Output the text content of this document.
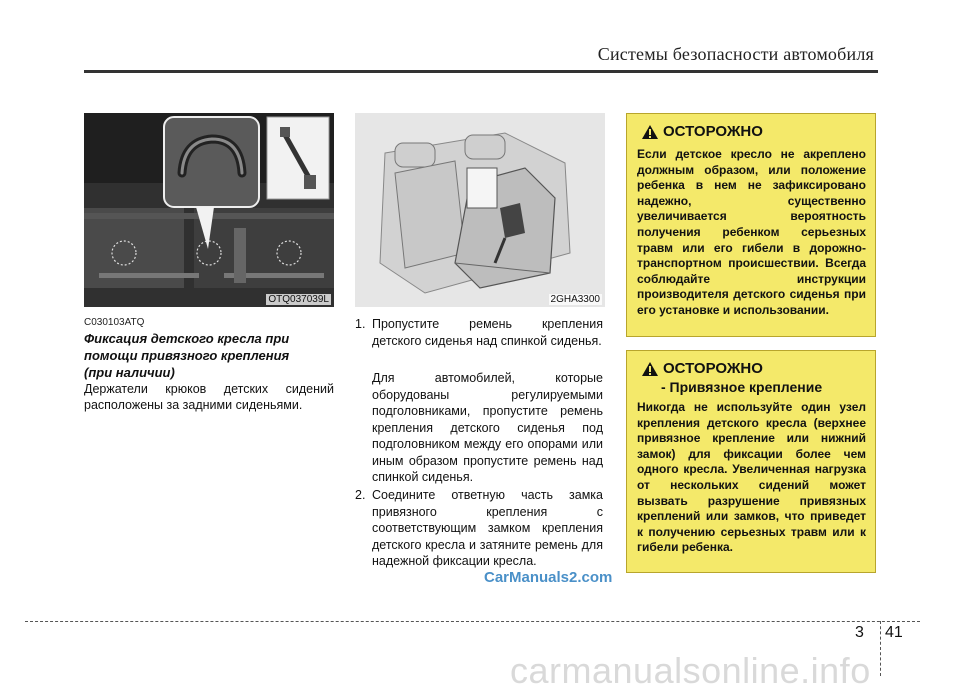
Системы безопасности автомобиля
OTQ037039L	2GHA3300
C030103ATQ
Фиксация детского кресла при
помощи привязного крепления
(при наличии)
Держатели крюков детских сидений
расположены за задними сиденьями.
1. Пропустите ремень крепления детского сиденья над спинкой сиденья.
Для автомобилей, которые оборудованы регулируемыми подголовниками, пропустите ремень крепления детского сиденья под подголовником между его опорами или иным образом пропустите ремень над спинкой сиденья.
2. Соедините ответную часть замка привязного крепления с соответствующим замком крепления детского кресла и затяните ремень для надежной фиксации кресла.
ОСТОРОЖНО
Если детское кресло не акреплено должным образом, или положение ребенка в нем не зафиксировано надежно, существенно увеличивается вероятность получения ребенком серьезных травм или его гибели в дорожно-транспортном происшествии. Всегда соблюдайте инструкции производителя детского сиденья при его установке и использовании.
ОСТОРОЖНО
- Привязное крепление
Никогда не используйте один узел крепления детского кресла (верхнее привязное крепление или нижний замок) для фиксации более чем одного кресла. Увеличенная нагрузка от нескольких сидений может вызвать разрушение привязных креплений или замков, что приведет к получению серьезных травм или к гибели ребенка.
CarManuals2.com
carmanualsonline.info
3 41
